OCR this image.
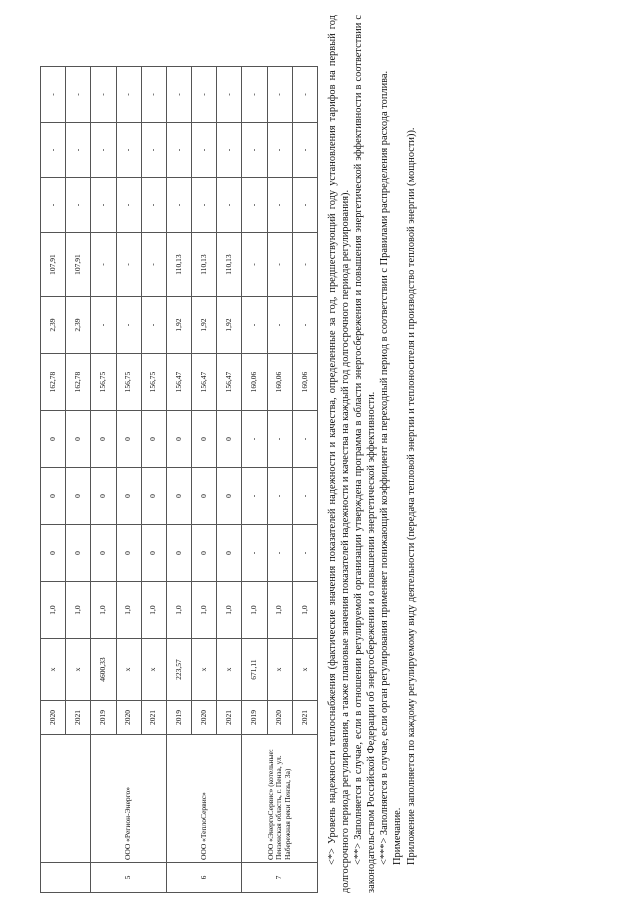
		2020	x	1,0	0	0	0	162,78	2,39	107,91	-	-	-
		2021	x	1,0	0	0	0	162,78	2,39	107,91	-	-	-
5	ООО «Регион-Энерго»	2019	4600,33	1,0	0	0	0	156,75	-	-	-	-	-
		2020	x	1,0	0	0	0	156,75	-	-	-	-	-
		2021	x	1,0	0	0	0	156,75	-	-	-	-	-
6	ООО «ТеплоСервис»	2019	223,57	1,0	0	0	0	156,47	1,92	110,13	-	-	-
		2020	x	1,0	0	0	0	156,47	1,92	110,13	-	-	-
		2021	x	1,0	0	0	0	156,47	1,92	110,13	-	-	-
7	ООО «ЭнергоСервис» (котельные: Пензенская область, г. Пенза, ул. Набережная реки Пензы, 3а)	2019	671,11	1,0	-	-	-	160,06	-	-	-	-	-
		2020	x	1,0	-	-	-	160,06	-	-	-	-	-
		2021	x	1,0	-	-	-	160,06	-	-	-	-	- <*> Уровень надежности теплоснабжения (фактические значения показателей надежности и качества, определенные за год, предшествующий году установления тарифов на первый год долгосрочного периода регулирования, а также плановые значения показателей надежности и качества на каждый год долгосрочного периода регулирования). <**> Заполняется в случае, если в отношении регулируемой организации утверждена программа в области энергосбережения и повышения энергетической эффективности в соответствии с законодательством Российской Федерации об энергосбережении и о повышении энергетической эффективности. <***> Заполняется в случае, если орган регулирования применяет понижающий коэффициент на переходный период в соответствии с Правилами распределения расхода топлива. Примечание. Приложение заполняется по каждому регулируемому виду деятельности (передача тепловой энергии и теплоносителя и производство тепловой энергии (мощности)).
